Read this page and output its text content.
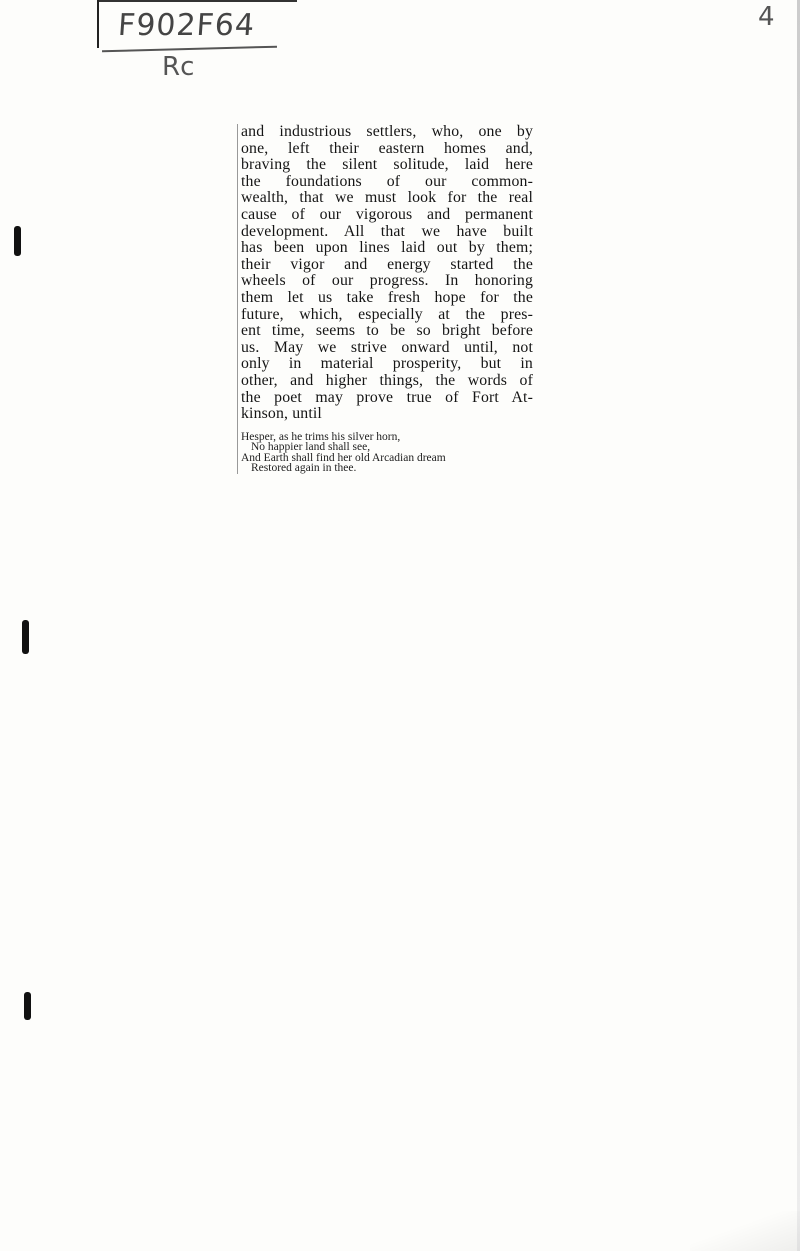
F902F64
Rc
4

and industrious settlers, who, one by
one, left their eastern homes and,
braving the silent solitude, laid here
the foundations of our common-
wealth, that we must look for the real
cause of our vigorous and permanent
development. All that we have built
has been upon lines laid out by them;
their vigor and energy started the
wheels of our progress. In honoring
them let us take fresh hope for the
future, which, especially at the pres-
ent time, seems to be so bright before
us. May we strive onward until, not
only in material prosperity, but in
other, and higher things, the words of
the poet may prove true of Fort At-
kinson, until

Hesper, as he trims his silver horn,
No happier land shall see,
And Earth shall find her old Arcadian dream
Restored again in thee.
